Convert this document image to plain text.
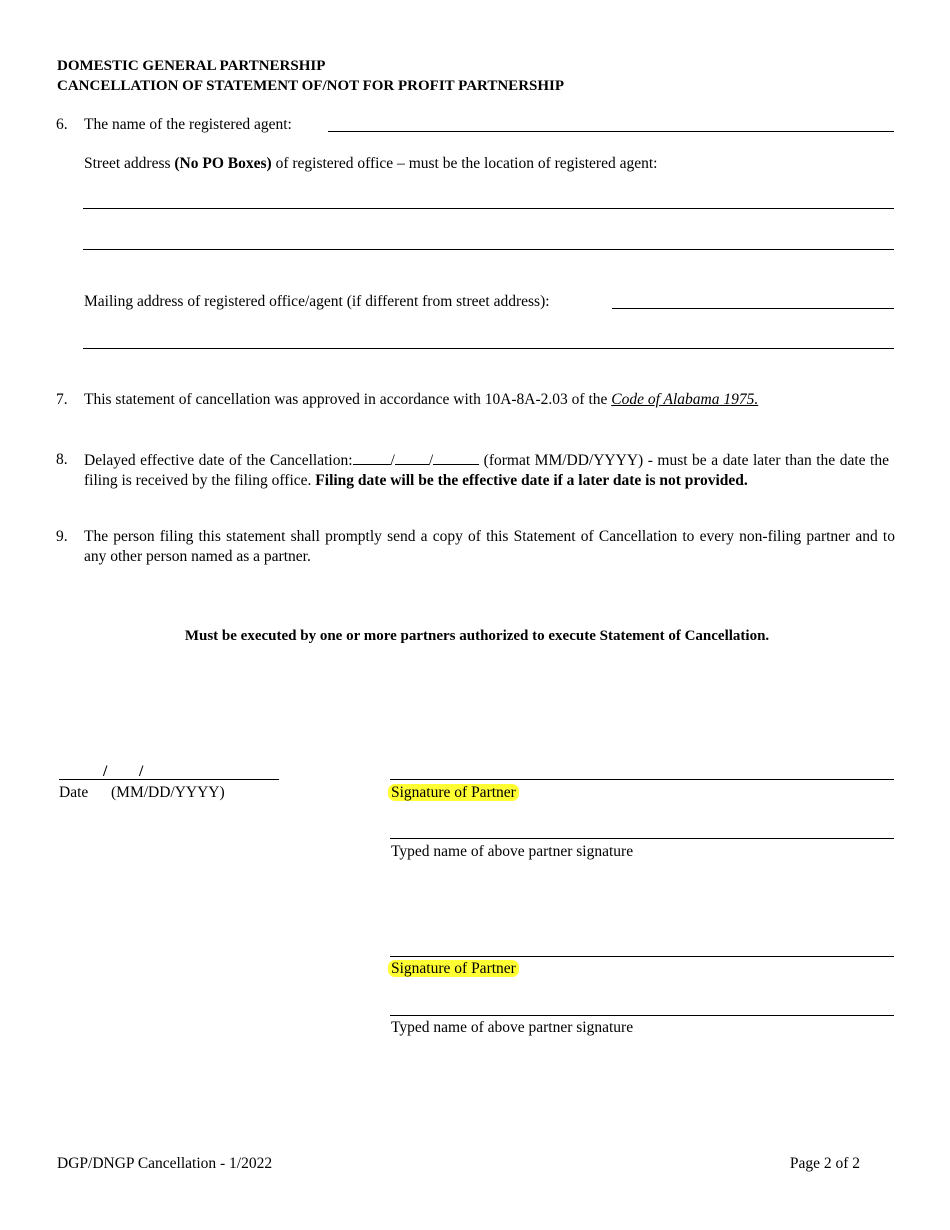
DOMESTIC GENERAL PARTNERSHIP
CANCELLATION OF STATEMENT OF/NOT FOR PROFIT PARTNERSHIP
6. The name of the registered agent:
Street address (No PO Boxes) of registered office – must be the location of registered agent:
Mailing address of registered office/agent (if different from street address):
7. This statement of cancellation was approved in accordance with 10A-8A-2.03 of the Code of Alabama 1975.
8. Delayed effective date of the Cancellation: / /	(format MM/DD/YYYY) - must be a date later than the date the filing is received by the filing office. Filing date will be the effective date if a later date is not provided.
9. The person filing this statement shall promptly send a copy of this Statement of Cancellation to every non-filing partner and to any other person named as a partner.
Must be executed by one or more partners authorized to execute Statement of Cancellation.
/ /
Date (MM/DD/YYYY)	Signature of Partner
Typed name of above partner signature
Signature of Partner
Typed name of above partner signature
DGP/DNGP Cancellation - 1/2022	Page 2 of 2
